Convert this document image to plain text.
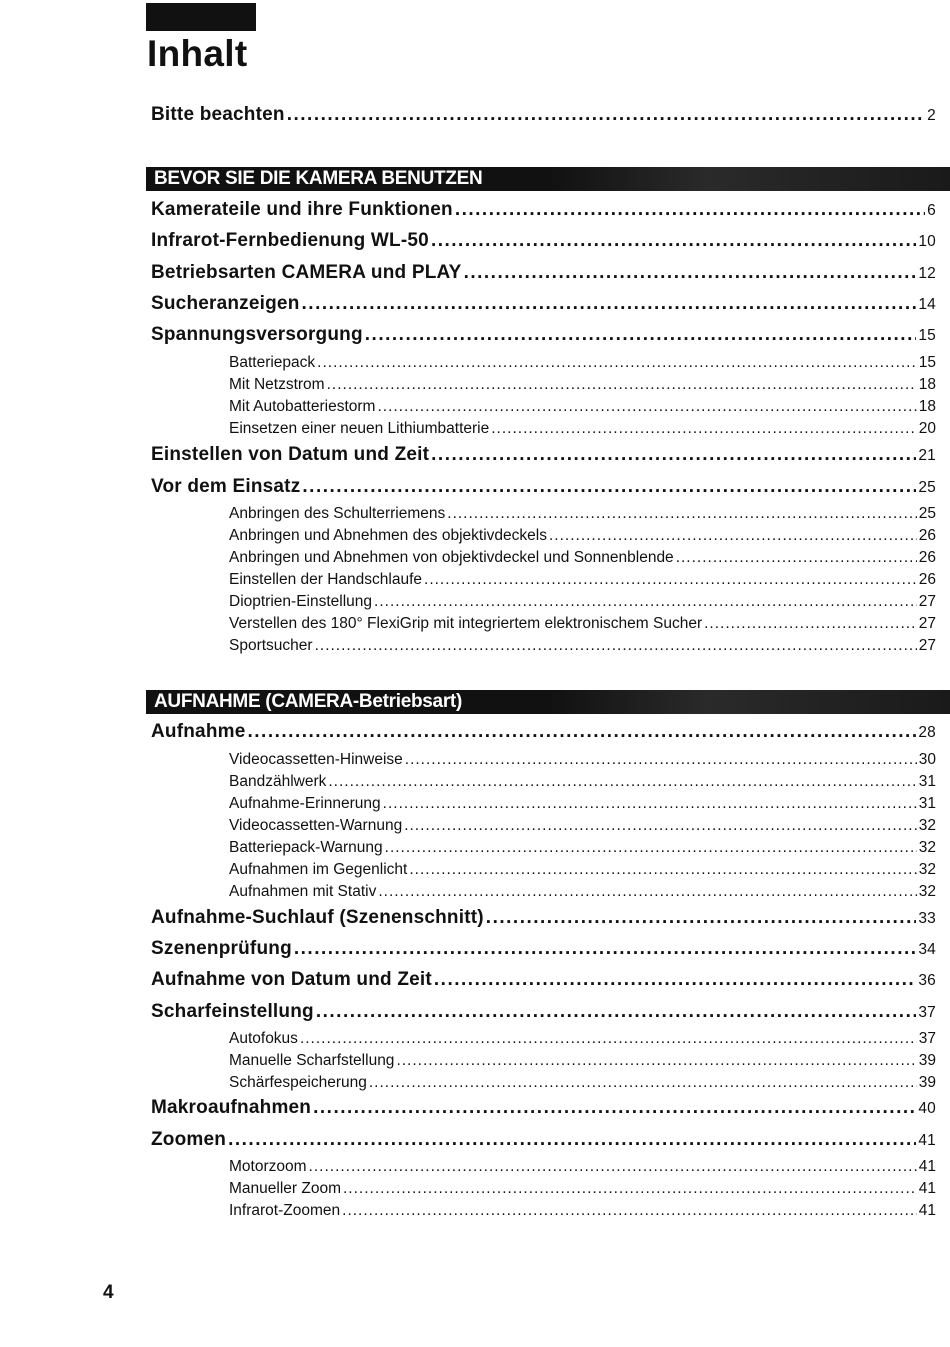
Inhalt
Bitte beachten .....	2
BEVOR SIE DIE KAMERA BENUTZEN
AUFNAHME (CAMERA-Betriebsart)
Kamerateile und ihre Funktionen .....	6
Infrarot-Fernbedienung WL-50 .....	10
Betriebsarten CAMERA und PLAY .....	12
Sucheranzeigen .....	14
Spannungsversorgung .....	15
Batteriepack .....	15
Mit Netzstrom .....	18
Mit Autobatteriestorm .....	18
Einsetzen einer neuen Lithiumbatterie .....	20
Einstellen von Datum und Zeit .....	21
Vor dem Einsatz .....	25
Anbringen des Schulterriemens .....	25
Anbringen und Abnehmen des objektivdeckels .....	26
Anbringen und Abnehmen von objektivdeckel und Sonnenblende .....	26
Einstellen der Handschlaufe .....	26
Dioptrien-Einstellung .....	27
Verstellen des 180° FlexiGrip mit integriertem elektronischem Sucher .....	27
Sportsucher .....	27
Aufnahme .....	28
Videocassetten-Hinweise .....	30
Bandzählwerk .....	31
Aufnahme-Erinnerung .....	31
Videocassetten-Warnung .....	32
Batteriepack-Warnung .....	32
Aufnahmen im Gegenlicht .....	32
Aufnahmen mit Stativ .....	32
Aufnahme-Suchlauf (Szenenschnitt) .....	33
Szenenprüfung .....	34
Aufnahme von Datum und Zeit .....	36
Scharfeinstellung .....	37
Autofokus .....	37
Manuelle Scharfstellung .....	39
Schärfespeicherung .....	39
Makroaufnahmen .....	40
Zoomen .....	41
Motorzoom .....	41
Manueller Zoom .....	41
Infrarot-Zoomen .....	41
4
